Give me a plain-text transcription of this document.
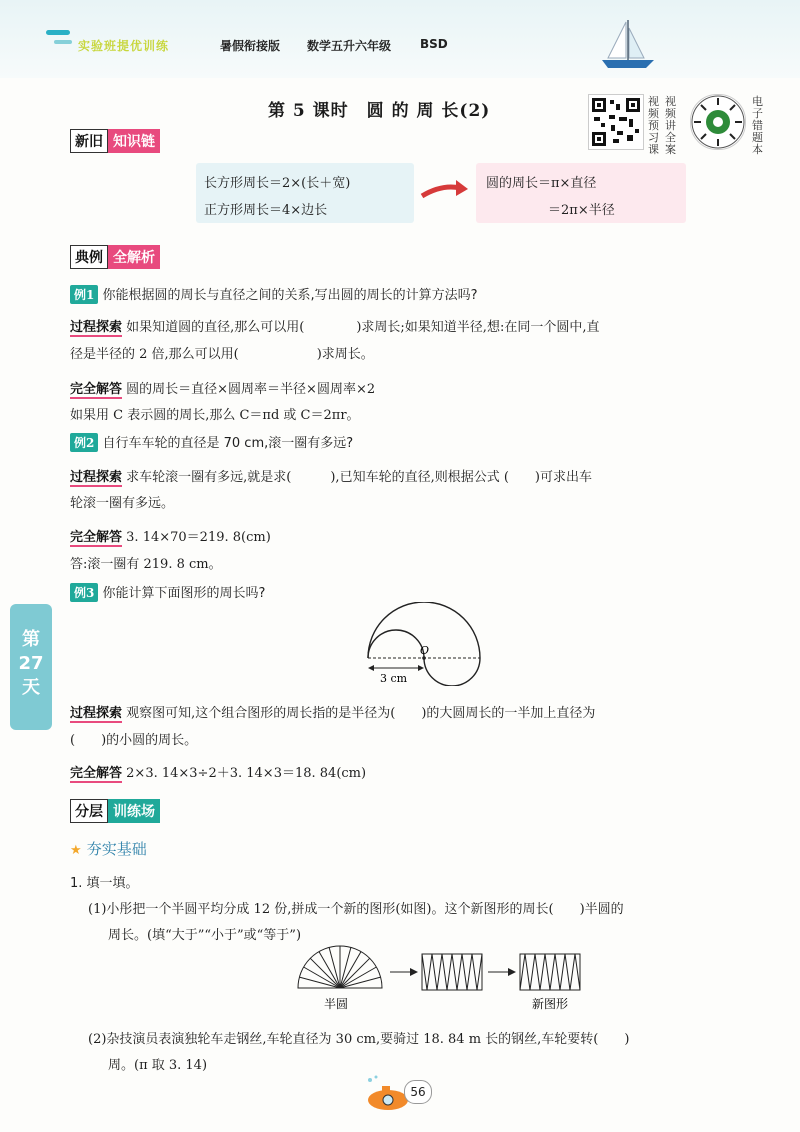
实验班提优训练	暑假衔接版 数学五升六年级 BSD
第 5 课时　圆 的 周 长(2)	视频预习课
视频讲全案
电子错题本
新旧 知识链
长方形周长＝2×(长＋宽)
正方形周长＝4×边长
圆的周长＝π×直径
＝2π×半径
典例 全解析
例1 你能根据圆的周长与直径之间的关系,写出圆的周长的计算方法吗?
过程探索 如果知道圆的直径,那么可以用(　　　　)求周长;如果知道半径,想:在同一个圆中,直
径是半径的 2 倍,那么可以用(　　　　　　)求周长。
完全解答 圆的周长＝直径×圆周率＝半径×圆周率×2
如果用 C 表示圆的周长,那么 C＝πd 或 C＝2πr。
例2 自行车车轮的直径是 70 cm,滚一圈有多远?
过程探索 求车轮滚一圈有多远,就是求(　　　),已知车轮的直径,则根据公式 (　　)可求出车
轮滚一圈有多远。
完全解答 3. 14×70＝219. 8(cm)
答:滚一圈有 219. 8 cm。
例3 你能计算下面图形的周长吗?
O
3 cm
过程探索 观察图可知,这个组合图形的周长指的是半径为(　　)的大圆周长的一半加上直径为
(　　)的小圆的周长。
完全解答 2×3. 14×3÷2＋3. 14×3＝18. 84(cm)
第27天
分层 训练场
★ 夯实基础
1. 填一填。
(1)小彤把一个半圆平均分成 12 份,拼成一个新的图形(如图)。这个新图形的周长(　　)半圆的
周长。(填“大于”“小于”或“等于”)
半圆	新图形
(2)杂技演员表演独轮车走钢丝,车轮直径为 30 cm,要骑过 18. 84 m 长的钢丝,车轮要转(　　)
周。(π 取 3. 14)
56
